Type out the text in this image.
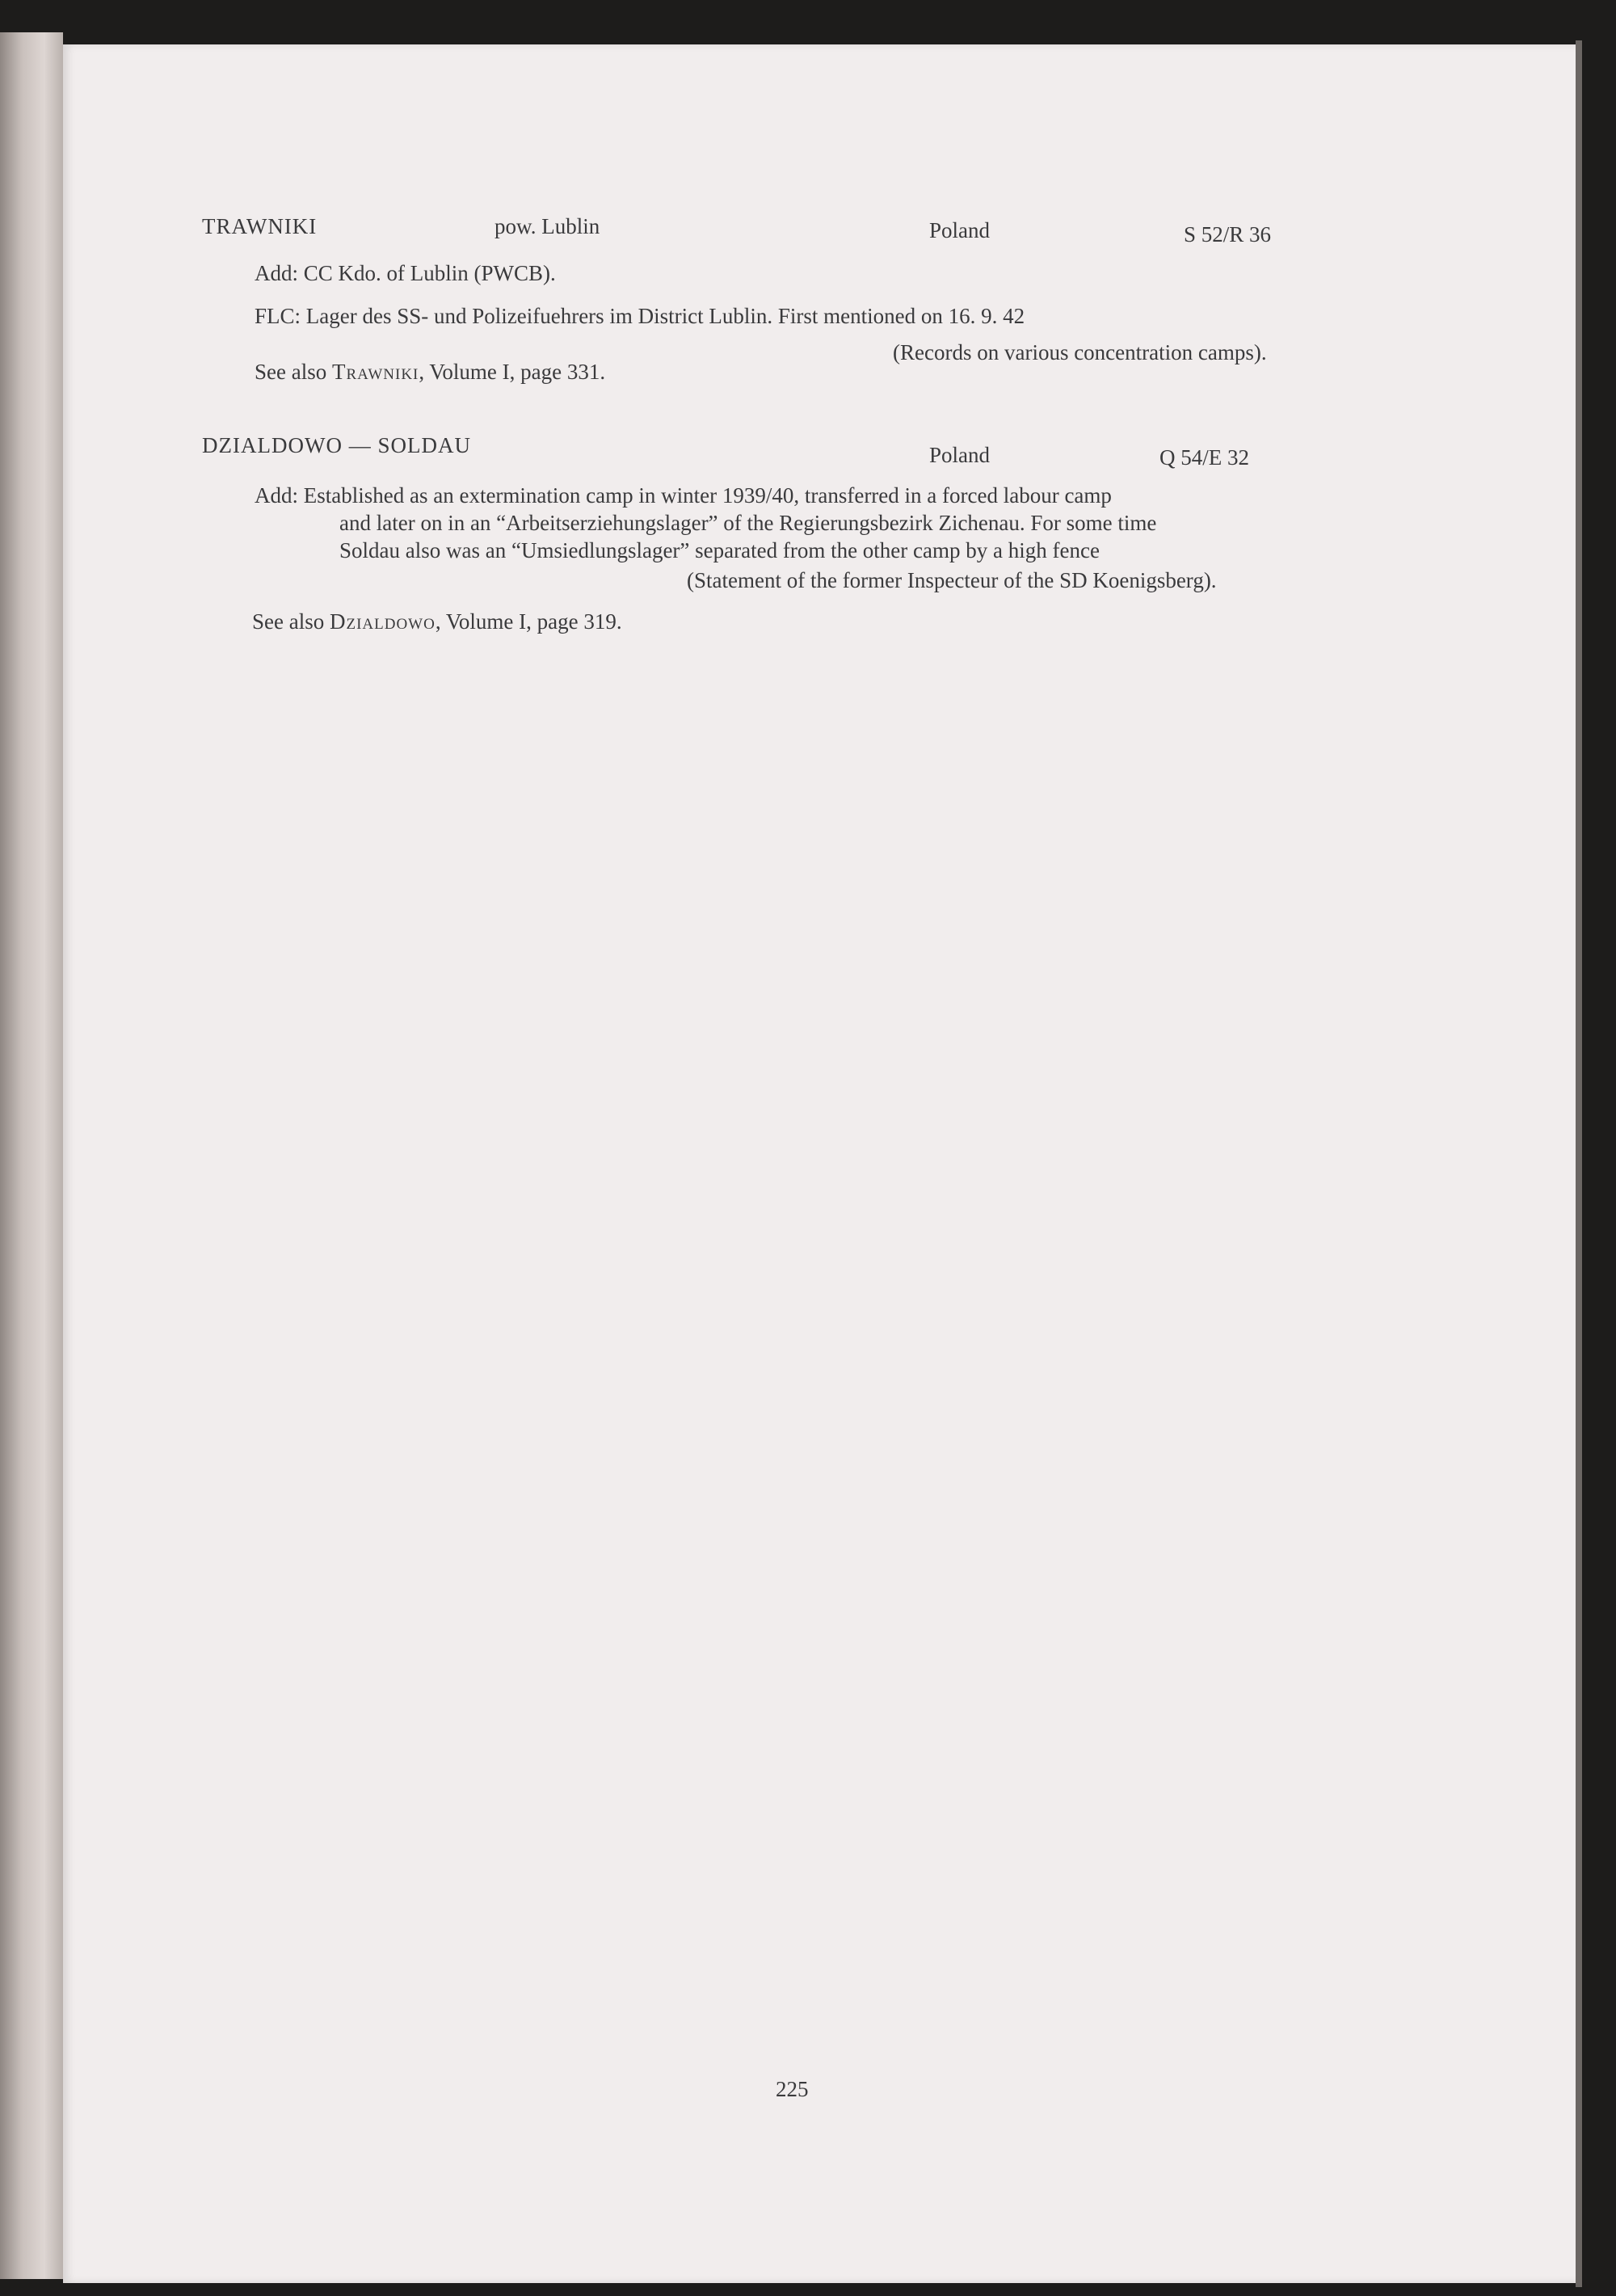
TRAWNIKI	pow. Lublin	Poland	S 52/R 36
Add: CC Kdo. of Lublin (PWCB).
FLC: Lager des SS- und Polizeifuehrers im District Lublin. First mentioned on 16. 9. 42
(Records on various concentration camps).
See also Trawniki, Volume I, page 331.
DZIALDOWO — SOLDAU	Poland	Q 54/E 32
Add: Established as an extermination camp in winter 1939/40, transferred in a forced labour camp
and later on in an “Arbeitserziehungslager” of the Regierungsbezirk Zichenau. For some time
Soldau also was an “Umsiedlungslager” separated from the other camp by a high fence
(Statement of the former Inspecteur of the SD Koenigsberg).
See also Dzialdowo, Volume I, page 319.
225
